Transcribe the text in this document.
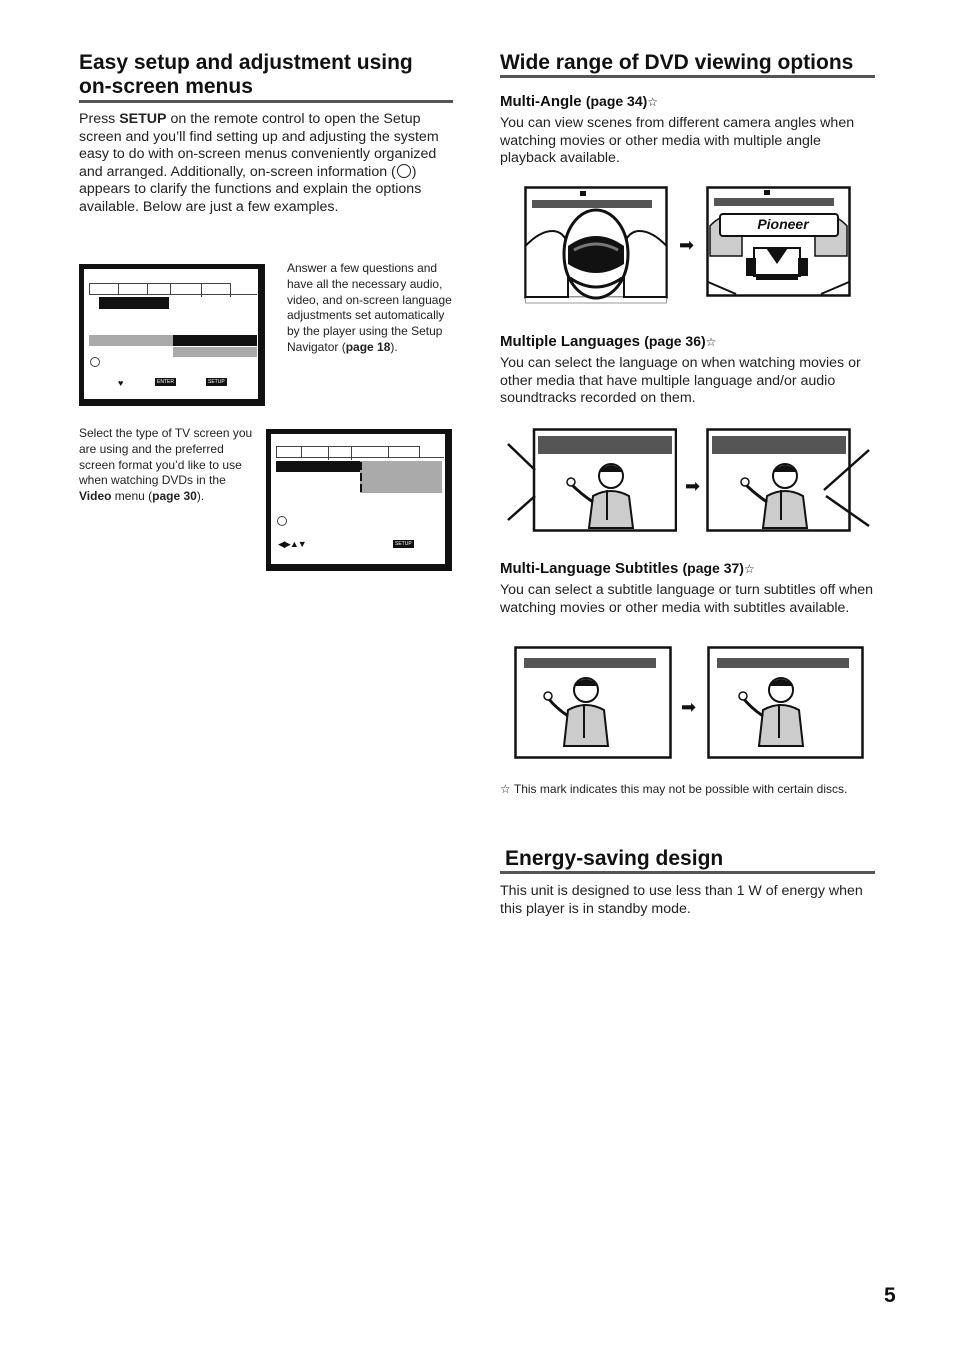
Easy setup and adjustment using
on-screen menus

Press SETUP on the remote control to open the Setup screen and you’ll find setting up and adjusting the system easy to do with on-screen menus conveniently organized and arranged. Additionally, on-screen information ( ) appears to clarify the functions and explain the options available. Below are just a few examples.

♥	ENTER	SETUP

Answer a few questions and have all the necessary audio, video, and on-screen language adjustments set automatically by the player using the Setup Navigator (page 18).

Select the type of TV screen you are using and the preferred screen format you’d like to use when watching DVDs in the Video menu (page 30).

◀▶▲▼	SETUP
Wide range of DVD viewing options
Multi-Angle (page 34)☆

You can view scenes from different camera angles when watching movies or other media with multiple angle playback available.

➡
Pioneer
Multiple Languages (page 36)☆

You can select the language on when watching movies or other media that have multiple language and/or audio soundtracks recorded on them.

➡
Multi-Language Subtitles (page 37)☆

You can select a subtitle language or turn subtitles off when watching movies or other media with subtitles available.

➡
☆ This mark indicates this may not be possible with certain discs.
Energy-saving design

This unit is designed to use less than 1 W of energy when this player is in standby mode.

5
